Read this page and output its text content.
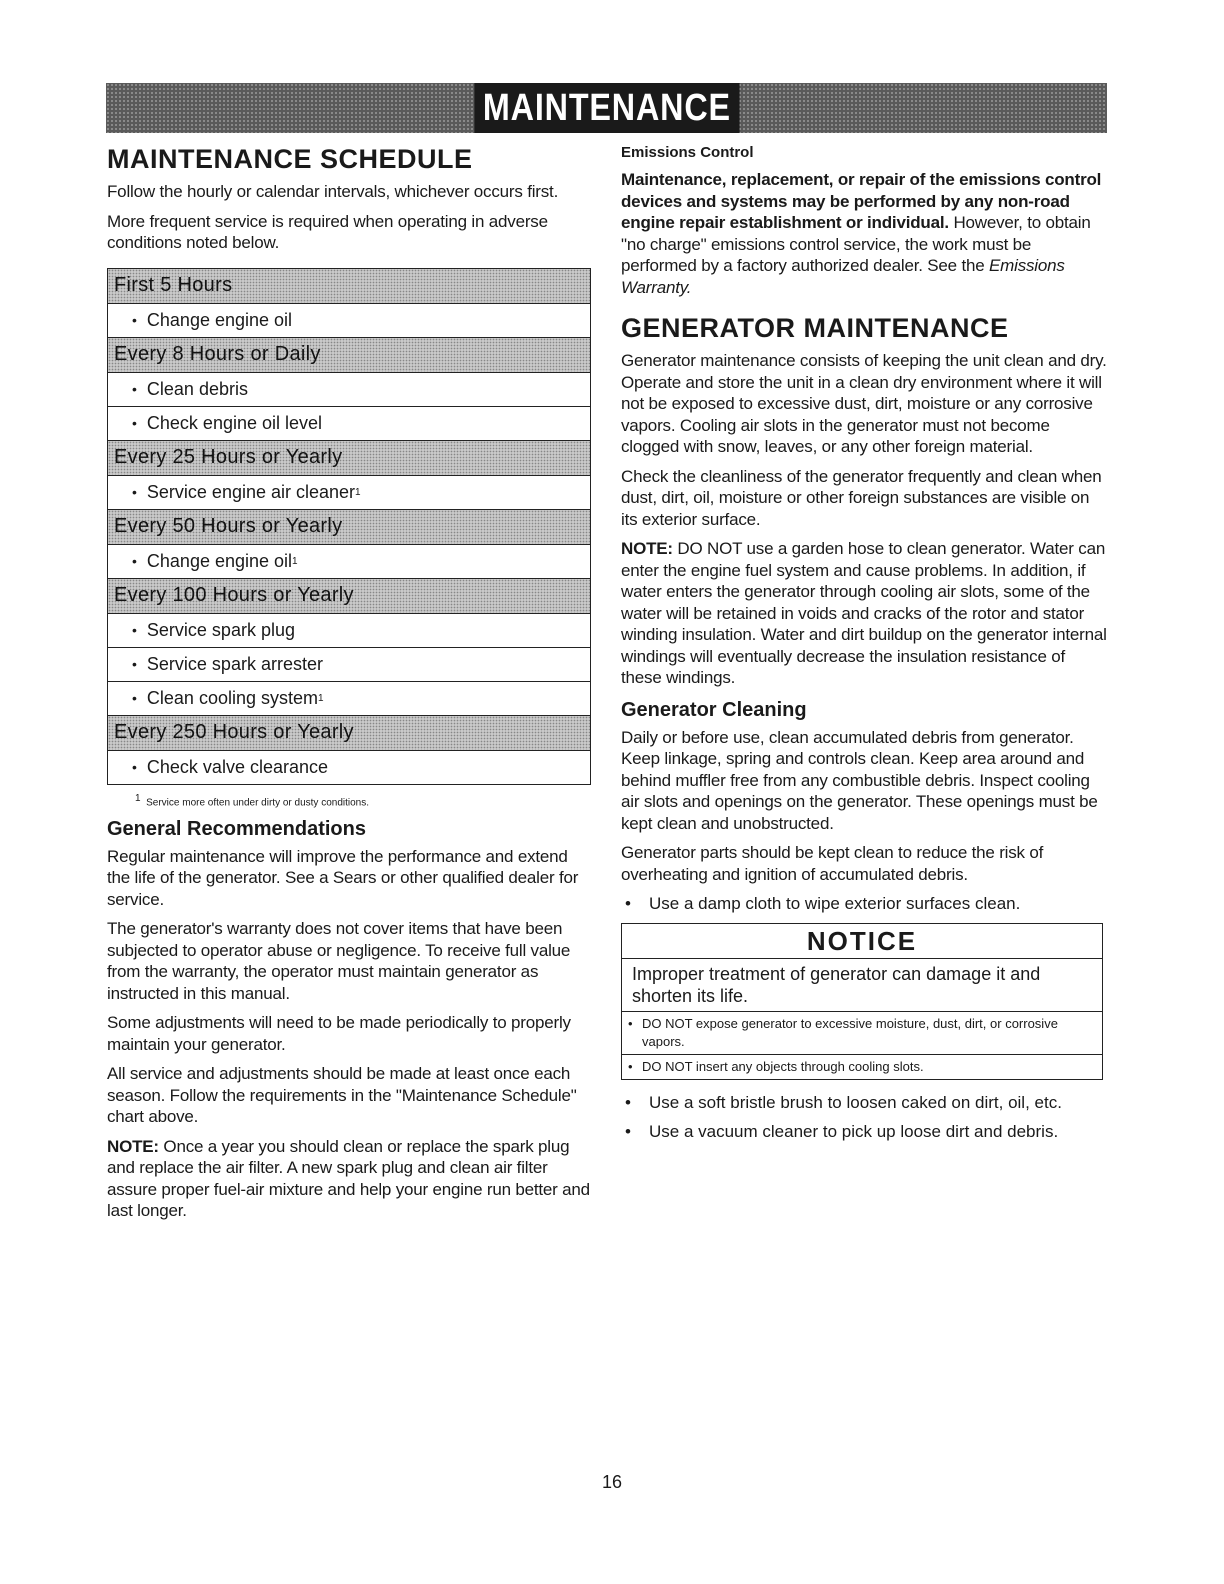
MAINTENANCE
MAINTENANCE SCHEDULE

Follow the hourly or calendar intervals, whichever occurs first.

More frequent service is required when operating in adverse conditions noted below.

First 5 Hours
• Change engine oil
Every 8 Hours or Daily
• Clean debris
• Check engine oil level
Every 25 Hours or Yearly
• Service engine air cleaner 1
Every 50 Hours or Yearly
• Change engine oil 1
Every 100 Hours or Yearly
• Service spark plug
• Service spark arrester
• Clean cooling system 1
Every 250 Hours or Yearly
• Check valve clearance
$^1$ Service more often under dirty or dusty conditions.
General Recommendations

Regular maintenance will improve the performance and extend the life of the generator. See a Sears or other qualified dealer for service.

The generator's warranty does not cover items that have been subjected to operator abuse or negligence. To receive full value from the warranty, the operator must maintain generator as instructed in this manual.

Some adjustments will need to be made periodically to properly maintain your generator.

All service and adjustments should be made at least once each season. Follow the requirements in the "Maintenance Schedule" chart above.

NOTE: Once a year you should clean or replace the spark plug and replace the air filter. A new spark plug and clean air filter assure proper fuel-air mixture and help your engine run better and last longer.

Emissions Control

Maintenance, replacement, or repair of the emissions control devices and systems may be performed by any non-road engine repair establishment or individual. However, to obtain "no charge" emissions control service, the work must be performed by a factory authorized dealer. See the Emissions Warranty.

GENERATOR MAINTENANCE

Generator maintenance consists of keeping the unit clean and dry. Operate and store the unit in a clean dry environment where it will not be exposed to excessive dust, dirt, moisture or any corrosive vapors. Cooling air slots in the generator must not become clogged with snow, leaves, or any other foreign material.

Check the cleanliness of the generator frequently and clean when dust, dirt, oil, moisture or other foreign substances are visible on its exterior surface.

NOTE: DO NOT use a garden hose to clean generator. Water can enter the engine fuel system and cause problems. In addition, if water enters the generator through cooling air slots, some of the water will be retained in voids and cracks of the rotor and stator winding insulation. Water and dirt buildup on the generator internal windings will eventually decrease the insulation resistance of these windings.

Generator Cleaning

Daily or before use, clean accumulated debris from generator. Keep linkage, spring and controls clean. Keep area around and behind muffler free from any combustible debris. Inspect cooling air slots and openings on the generator. These openings must be kept clean and unobstructed.

Generator parts should be kept clean to reduce the risk of overheating and ignition of accumulated debris.

•	Use a damp cloth to wipe exterior surfaces clean.
NOTICE
Improper treatment of generator can damage it and shorten its life.
• DO NOT expose generator to excessive moisture, dust, dirt, or corrosive vapors.
• DO NOT insert any objects through cooling slots.
•	Use a soft bristle brush to loosen caked on dirt, oil, etc.
•	Use a vacuum cleaner to pick up loose dirt and debris.
16
